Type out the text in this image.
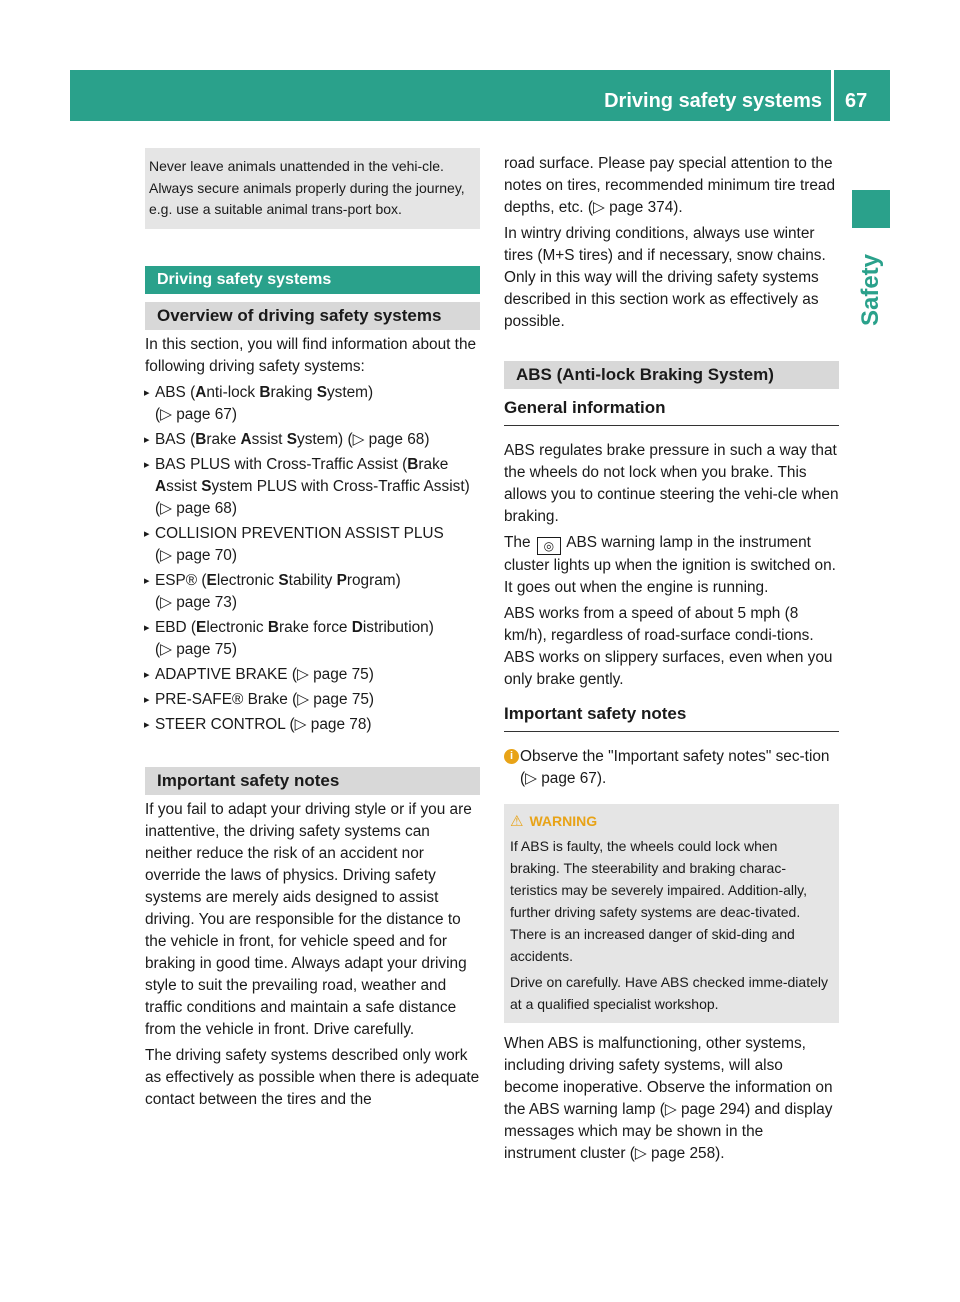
Driving safety systems 67
Safety
Never leave animals unattended in the vehi-cle. Always secure animals properly during the journey, e.g. use a suitable animal trans-port box.
Driving safety systems
Overview of driving safety systems

In this section, you will find information about the following driving safety systems:

▸ ABS (Anti-lock Braking System)
(▷ page 67)
▸ BAS (Brake Assist System) (▷ page 68)
▸ BAS PLUS with Cross-Traffic Assist (Brake Assist System PLUS with Cross-Traffic Assist) (▷ page 68)
▸ COLLISION PREVENTION ASSIST PLUS
(▷ page 70)
▸ ESP® (Electronic Stability Program)
(▷ page 73)
▸ EBD (Electronic Brake force Distribution)
(▷ page 75)
▸ ADAPTIVE BRAKE (▷ page 75)
▸ PRE-SAFE® Brake (▷ page 75)
▸ STEER CONTROL (▷ page 78)
Important safety notes

If you fail to adapt your driving style or if you are inattentive, the driving safety systems can neither reduce the risk of an accident nor override the laws of physics. Driving safety systems are merely aids designed to assist driving. You are responsible for the distance to the vehicle in front, for vehicle speed and for braking in good time. Always adapt your driving style to suit the prevailing road, weather and traffic conditions and maintain a safe distance from the vehicle in front. Drive carefully.

The driving safety systems described only work as effectively as possible when there is adequate contact between the tires and the

road surface. Please pay special attention to the notes on tires, recommended minimum tire tread depths, etc. (▷ page 374).

In wintry driving conditions, always use winter tires (M+S tires) and if necessary, snow chains. Only in this way will the driving safety systems described in this section work as effectively as possible.

ABS (Anti-lock Braking System)
General information

ABS regulates brake pressure in such a way that the wheels do not lock when you brake. This allows you to continue steering the vehi-cle when braking.

The ◎ ABS warning lamp in the instrument cluster lights up when the ignition is switched on. It goes out when the engine is running.

ABS works from a speed of about 5 mph (8 km/h), regardless of road-surface condi-tions. ABS works on slippery surfaces, even when you only brake gently.

Important safety notes
i Observe the "Important safety notes" sec-tion (▷ page 67).
⚠ WARNING
If ABS is faulty, the wheels could lock when braking. The steerability and braking charac-teristics may be severely impaired. Addition-ally, further driving safety systems are deac-tivated. There is an increased danger of skid-ding and accidents.
Drive on carefully. Have ABS checked imme-diately at a qualified specialist workshop.

When ABS is malfunctioning, other systems, including driving safety systems, will also become inoperative. Observe the information on the ABS warning lamp (▷ page 294) and display messages which may be shown in the instrument cluster (▷ page 258).
